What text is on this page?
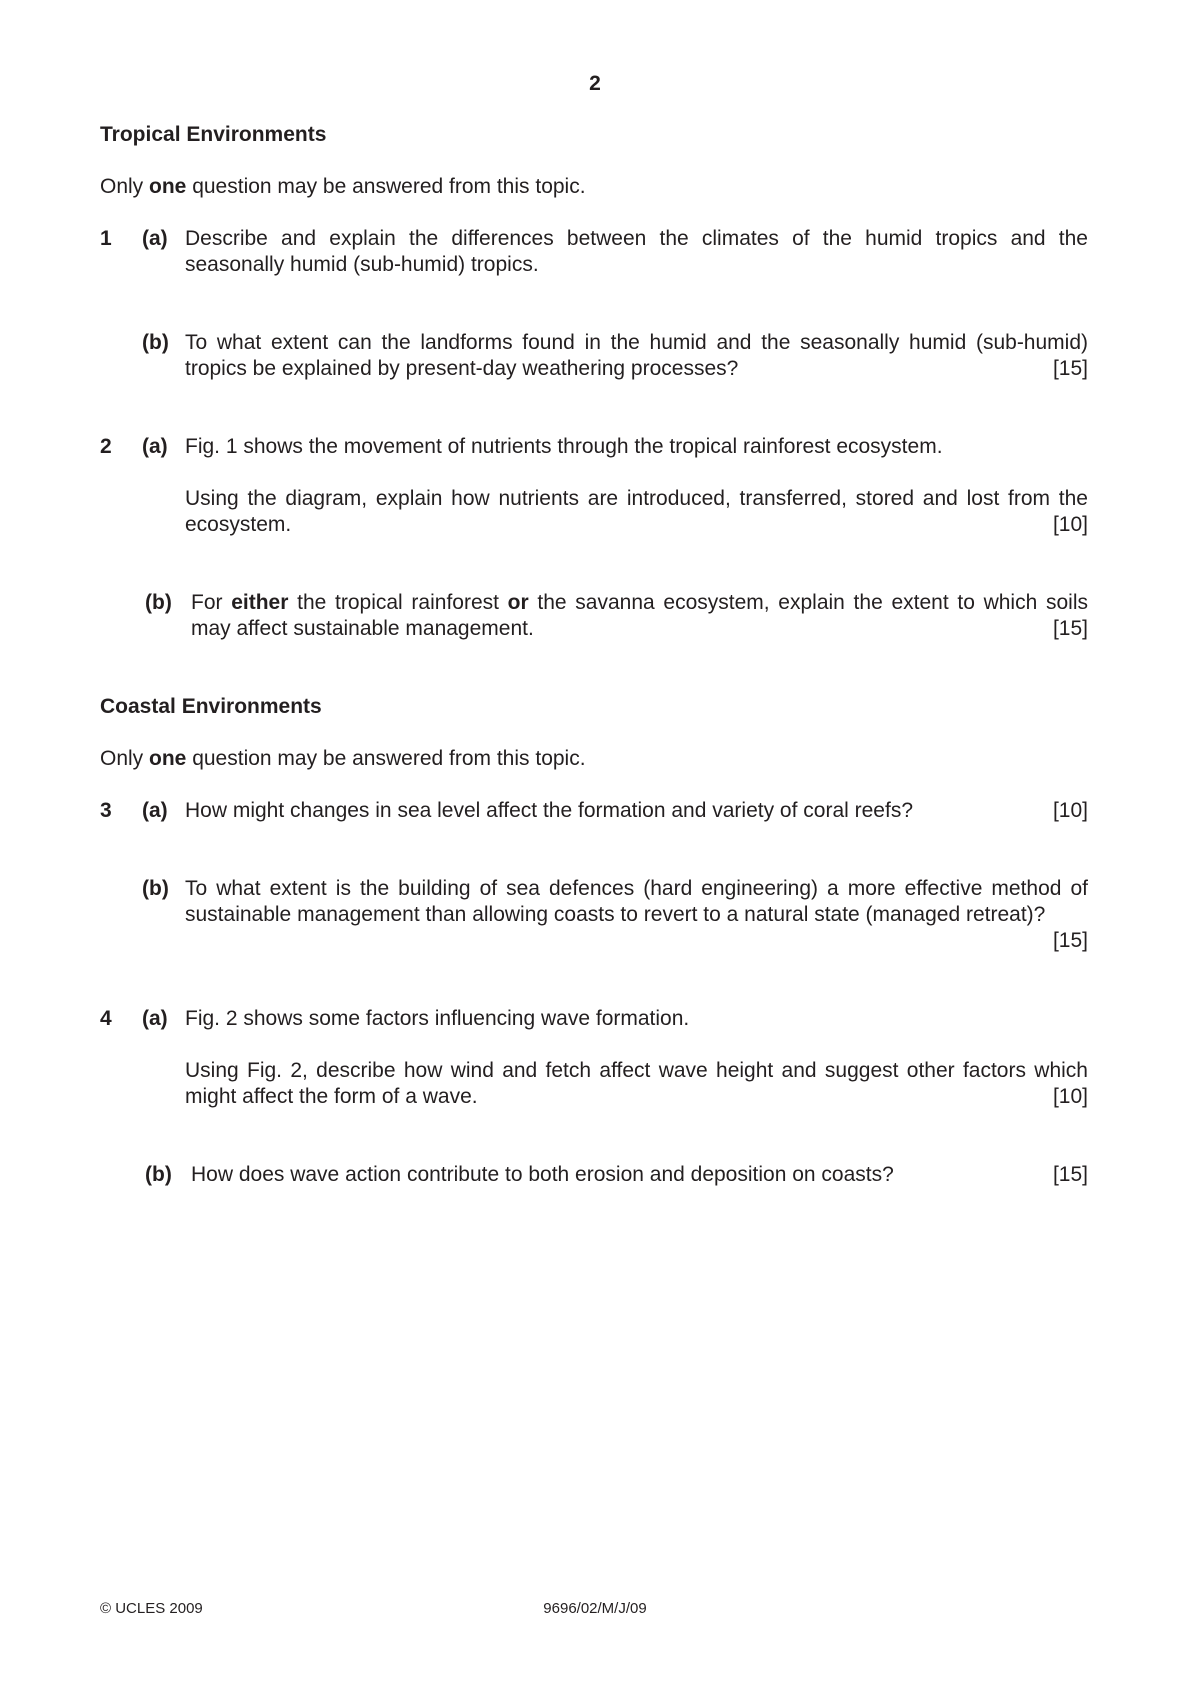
2
Tropical Environments
Only one question may be answered from this topic.
1	(a) Describe and explain the differences between the climates of the humid tropics and the seasonally humid (sub-humid) tropics.
(b) To what extent can the landforms found in the humid and the seasonally humid (sub-humid) tropics be explained by present-day weathering processes?	[15]
2	(a) Fig. 1 shows the movement of nutrients through the tropical rainforest ecosystem.
Using the diagram, explain how nutrients are introduced, transferred, stored and lost from the ecosystem.	[10]
(b) For either the tropical rainforest or the savanna ecosystem, explain the extent to which soils may affect sustainable management.	[15]
Coastal Environments
Only one question may be answered from this topic.
3	(a) How might changes in sea level affect the formation and variety of coral reefs?	[10]
(b) To what extent is the building of sea defences (hard engineering) a more effective method of sustainable management than allowing coasts to revert to a natural state (managed retreat)?
[15]
4	(a) Fig. 2 shows some factors influencing wave formation.
Using Fig. 2, describe how wind and fetch affect wave height and suggest other factors which might affect the form of a wave.	[10]
(b) How does wave action contribute to both erosion and deposition on coasts?	[15]
© UCLES 2009	9696/02/M/J/09
